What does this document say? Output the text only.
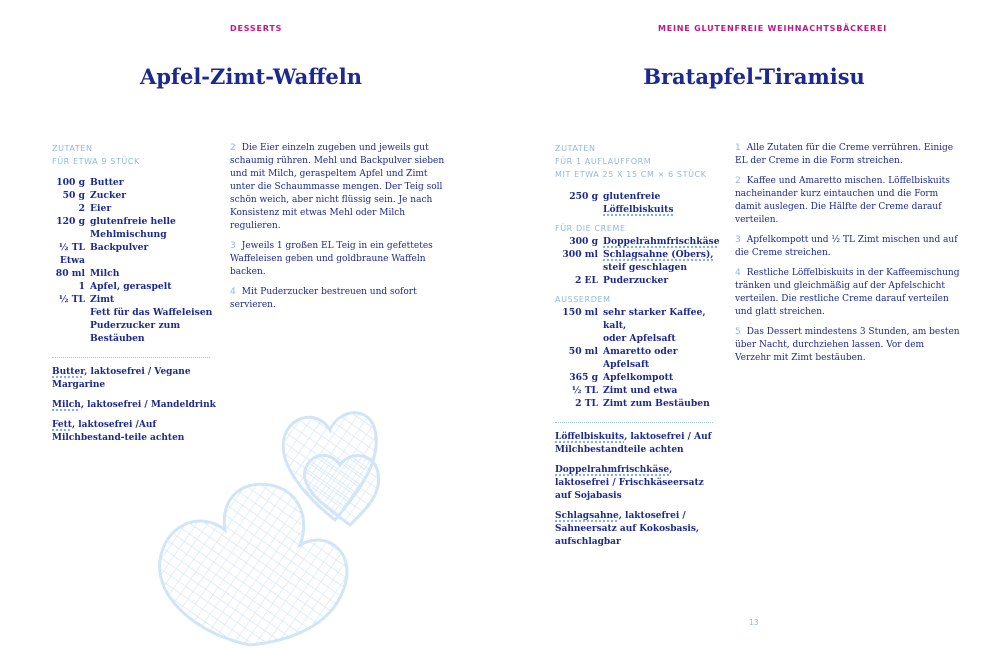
DESSERTS
Apfel-Zimt-Waffeln
ZUTATEN
FÜR ETWA 9 STÜCK
100 g Butter
50 g Zucker
2 Eier
120 g glutenfreie helle
Mehlmischung
½ TL Backpulver
Etwa
80 ml Milch
1 Apfel, geraspelt
½ TL Zimt
Fett für das Waffeleisen
Puderzucker zum
Bestäuben
Butter, laktosefrei / Vegane Margarine
Milch, laktosefrei / Mandeldrink
Fett, laktosefrei /Auf Milchbestand-teile achten
2 Die Eier einzeln zugeben und jeweils gut schaumig rühren. Mehl und Backpulver sieben und mit Milch, geraspeltem Apfel und Zimt unter die Schaummasse mengen. Der Teig soll schön weich, aber nicht flüssig sein. Je nach Konsistenz mit etwas Mehl oder Milch regulieren.
3 Jeweils 1 großen EL Teig in ein gefettetes Waffeleisen geben und goldbraune Waffeln backen.
4 Mit Puderzucker bestreuen und sofort servieren.
MEINE GLUTENFREIE WEIHNACHTSBÄCKEREI
Bratapfel-Tiramisu
ZUTATEN
FÜR 1 AUFLAUFFORM
MIT ETWA 25 X 15 CM × 6 STÜCK
250 g glutenfreie
Löffelbiskuits
FÜR DIE CREME
300 g Doppelrahmfrischkäse
300 ml Schlagsahne (Obers),
steif geschlagen
2 EL Puderzucker
AUSSERDEM
150 ml sehr starker Kaffee, kalt,
oder Apfelsaft
50 ml Amaretto oder Apfelsaft
365 g Apfelkompott
½ TL Zimt und etwa
2 TL Zimt zum Bestäuben
Löffelbiskuits, laktosefrei / Auf Milchbestandteile achten
Doppelrahmfrischkäse, laktosefrei / Frischkäseersatz auf Sojabasis
Schlagsahne, laktosefrei / Sahneersatz auf Kokosbasis, aufschlagbar
1 Alle Zutaten für die Creme verrühren. Einige EL der Creme in die Form streichen.
2 Kaffee und Amaretto mischen. Löffelbiskuits nacheinander kurz eintauchen und die Form damit auslegen. Die Hälfte der Creme darauf verteilen.
3 Apfelkompott und ½ TL Zimt mischen und auf die Creme streichen.
4 Restliche Löffelbiskuits in der Kaffeemischung tränken und gleichmäßig auf der Apfelschicht verteilen. Die restliche Creme darauf verteilen und glatt streichen.
5 Das Dessert mindestens 3 Stunden, am besten über Nacht, durchziehen lassen. Vor dem Verzehr mit Zimt bestäuben.
13
